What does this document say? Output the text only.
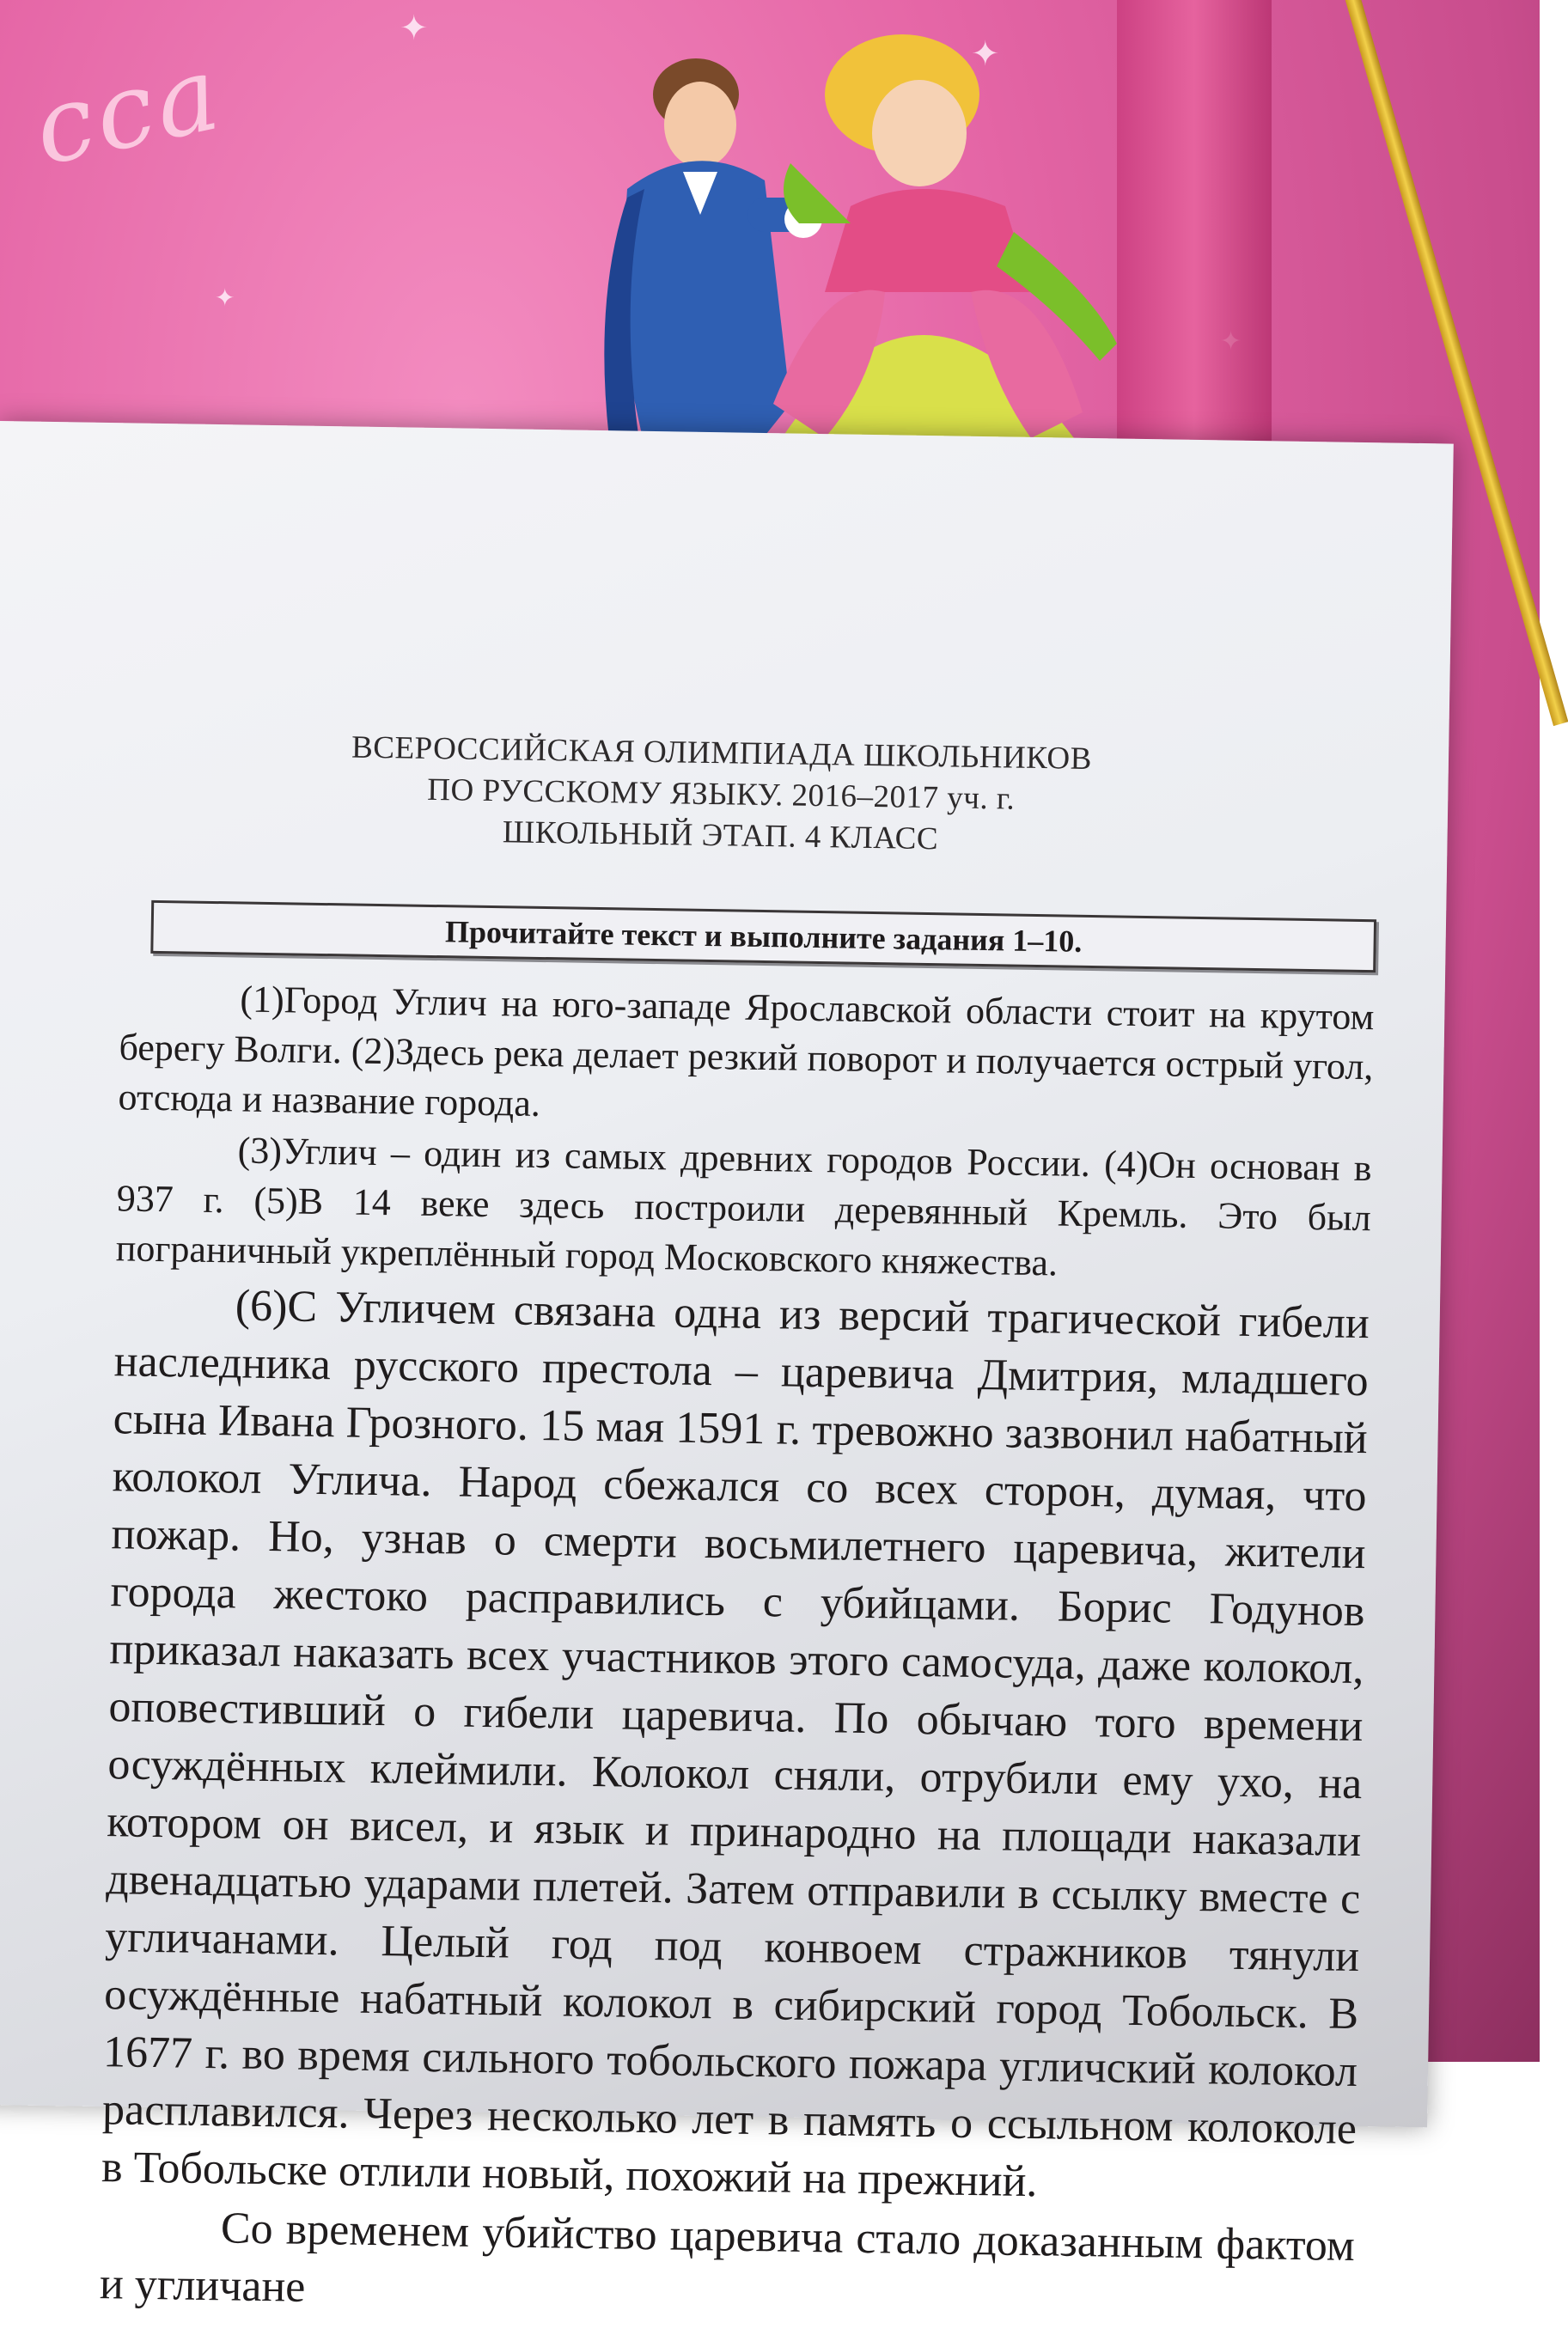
сса
✦
✦
✦
ВСЕРОССИЙСКАЯ ОЛИМПИАДА ШКОЛЬНИКОВ
ПО РУССКОМУ ЯЗЫКУ. 2016–2017 уч. г.
ШКОЛЬНЫЙ ЭТАП. 4 КЛАСС
Прочитайте текст и выполните задания 1–10.

(1)Город Углич на юго-западе Ярославской области стоит на крутом берегу Волги. (2)Здесь река делает резкий поворот и получается острый угол, отсюда и название города.

(3)Углич – один из самых древних городов России. (4)Он основан в 937 г. (5)В 14 веке здесь построили деревянный Кремль. Это был пограничный укреплённый город Московского княжества.

(6)С Угличем связана одна из версий трагической гибели наследника русского престола – царевича Дмитрия, младшего сына Ивана Грозного. 15 мая 1591 г. тревожно зазвонил набатный колокол Углича. Народ сбежался со всех сторон, думая, что пожар. Но, узнав о смерти восьмилетнего царевича, жители города жестоко расправились с убийцами. Борис Годунов приказал наказать всех участников этого самосуда, даже колокол, оповестивший о гибели царевича. По обычаю того времени осуждённых клеймили. Колокол сняли, отрубили ему ухо, на котором он висел, и язык и принародно на площади наказали двенадцатью ударами плетей. Затем отправили в ссылку вместе с угличанами. Целый год под конвоем стражников тянули осуждённые набатный колокол в сибирский город Тобольск. В 1677 г. во время сильного тобольского пожара угличский колокол расплавился. Через несколько лет в память о ссыльном колоколе в Тобольске отлили новый, похожий на прежний.

Со временем убийство царевича стало доказанным фактом и угличане
